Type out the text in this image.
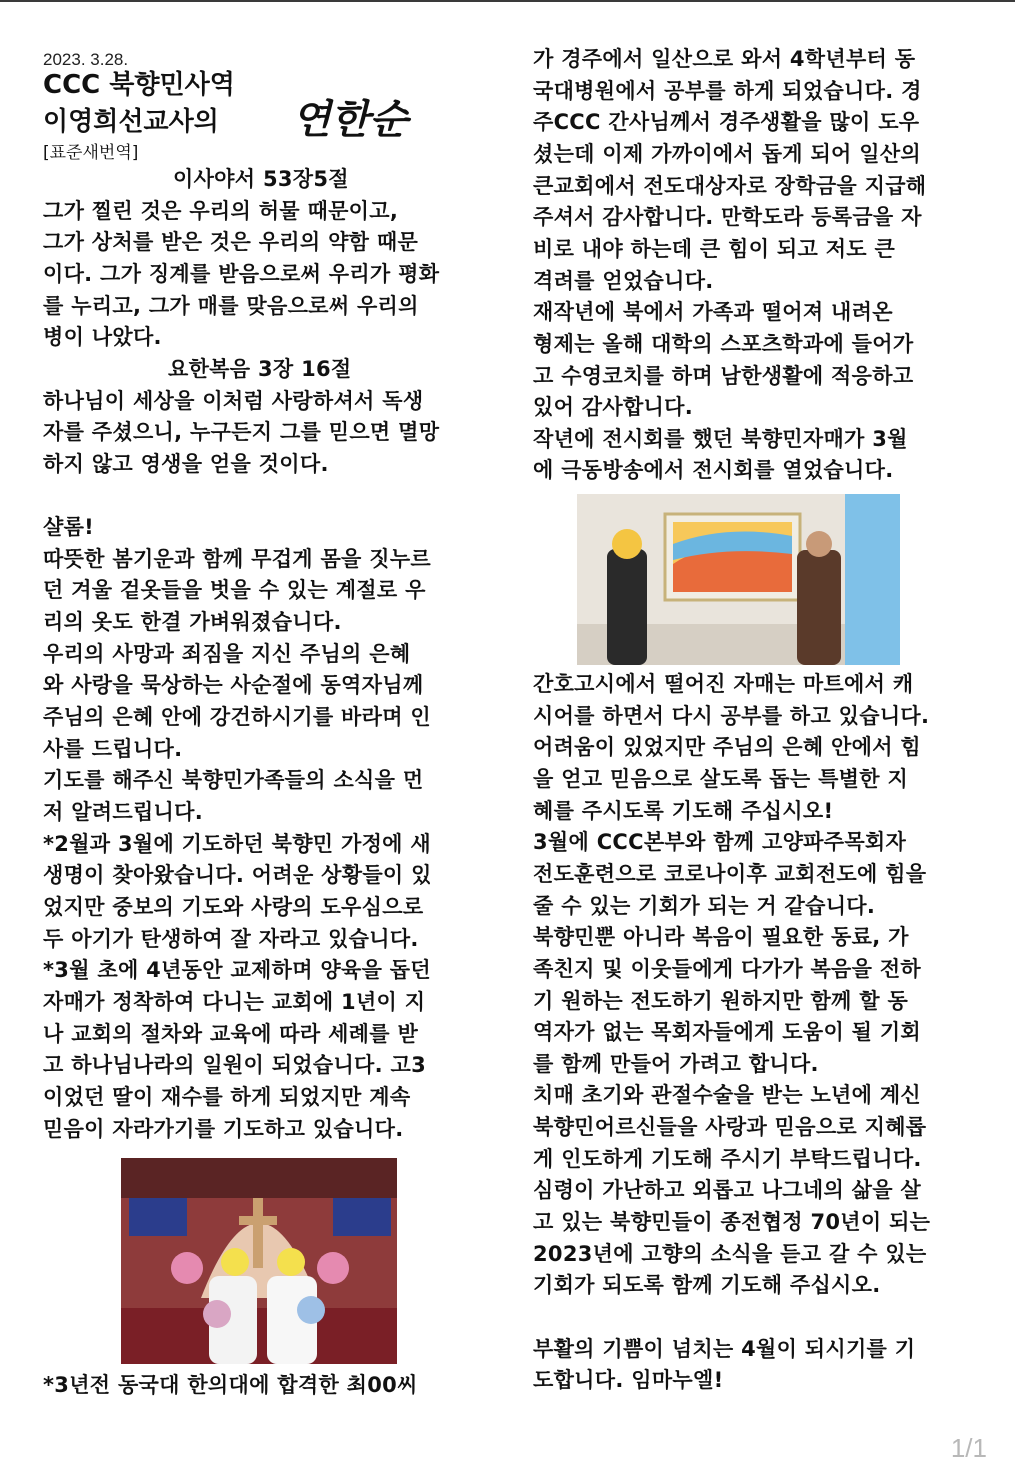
2023. 3.28.
CCC 북향민사역
이영희선교사의 연한순
[표준새번역]
이사야서 53장5절
그가 찔린 것은 우리의 허물 때문이고,
그가 상처를 받은 것은 우리의 약함 때문
이다. 그가 징계를 받음으로써 우리가 평화
를 누리고, 그가 매를 맞음으로써 우리의
병이 나았다.
요한복음 3장 16절
하나님이 세상을 이처럼 사랑하셔서 독생
자를 주셨으니, 누구든지 그를 믿으면 멸망
하지 않고 영생을 얻을 것이다.
샬롬!
따뜻한 봄기운과 함께 무겁게 몸을 짓누르
던 겨울 겉옷들을 벗을 수 있는 계절로 우
리의 옷도 한결 가벼워졌습니다.
우리의 사망과 죄짐을 지신 주님의 은혜
와 사랑을 묵상하는 사순절에 동역자님께
주님의 은혜 안에 강건하시기를 바라며 인
사를 드립니다.
기도를 해주신 북향민가족들의 소식을 먼
저 알려드립니다.
*2월과 3월에 기도하던 북향민 가정에 새
생명이 찾아왔습니다. 어려운 상황들이 있
었지만 중보의 기도와 사랑의 도우심으로
두 아기가 탄생하여 잘 자라고 있습니다.
*3월 초에 4년동안 교제하며 양육을 돕던
자매가 정착하여 다니는 교회에 1년이 지
나 교회의 절차와 교육에 따라 세례를 받
고 하나님나라의 일원이 되었습니다. 고3
이었던 딸이 재수를 하게 되었지만 계속
믿음이 자라가기를 기도하고 있습니다.
*3년전 동국대 한의대에 합격한 최00씨
가 경주에서 일산으로 와서 4학년부터 동
국대병원에서 공부를 하게 되었습니다. 경
주CCC 간사님께서 경주생활을 많이 도우
셨는데 이제 가까이에서 돕게 되어 일산의
큰교회에서 전도대상자로 장학금을 지급해
주셔서 감사합니다. 만학도라 등록금을 자
비로 내야 하는데 큰 힘이 되고 저도 큰
격려를 얻었습니다.
재작년에 북에서 가족과 떨어져 내려온
형제는 올해 대학의 스포츠학과에 들어가
고 수영코치를 하며 남한생활에 적응하고
있어 감사합니다.
작년에 전시회를 했던 북향민자매가 3월
에 극동방송에서 전시회를 열었습니다.
간호고시에서 떨어진 자매는 마트에서 캐
시어를 하면서 다시 공부를 하고 있습니다.
어려움이 있었지만 주님의 은혜 안에서 힘
을 얻고 믿음으로 살도록 돕는 특별한 지
혜를 주시도록 기도해 주십시오!
3월에 CCC본부와 함께 고양파주목회자
전도훈련으로 코로나이후 교회전도에 힘을
줄 수 있는 기회가 되는 거 같습니다.
북향민뿐 아니라 복음이 필요한 동료, 가
족친지 및 이웃들에게 다가가 복음을 전하
기 원하는 전도하기 원하지만 함께 할 동
역자가 없는 목회자들에게 도움이 될 기회
를 함께 만들어 가려고 합니다.
치매 초기와 관절수술을 받는 노년에 계신
북향민어르신들을 사랑과 믿음으로 지혜롭
게 인도하게 기도해 주시기 부탁드립니다.
심령이 가난하고 외롭고 나그네의 삶을 살
고 있는 북향민들이 종전협정 70년이 되는
2023년에 고향의 소식을 듣고 갈 수 있는
기회가 되도록 함께 기도해 주십시오.
부활의 기쁨이 넘치는 4월이 되시기를 기
도합니다. 임마누엘!
1/1
